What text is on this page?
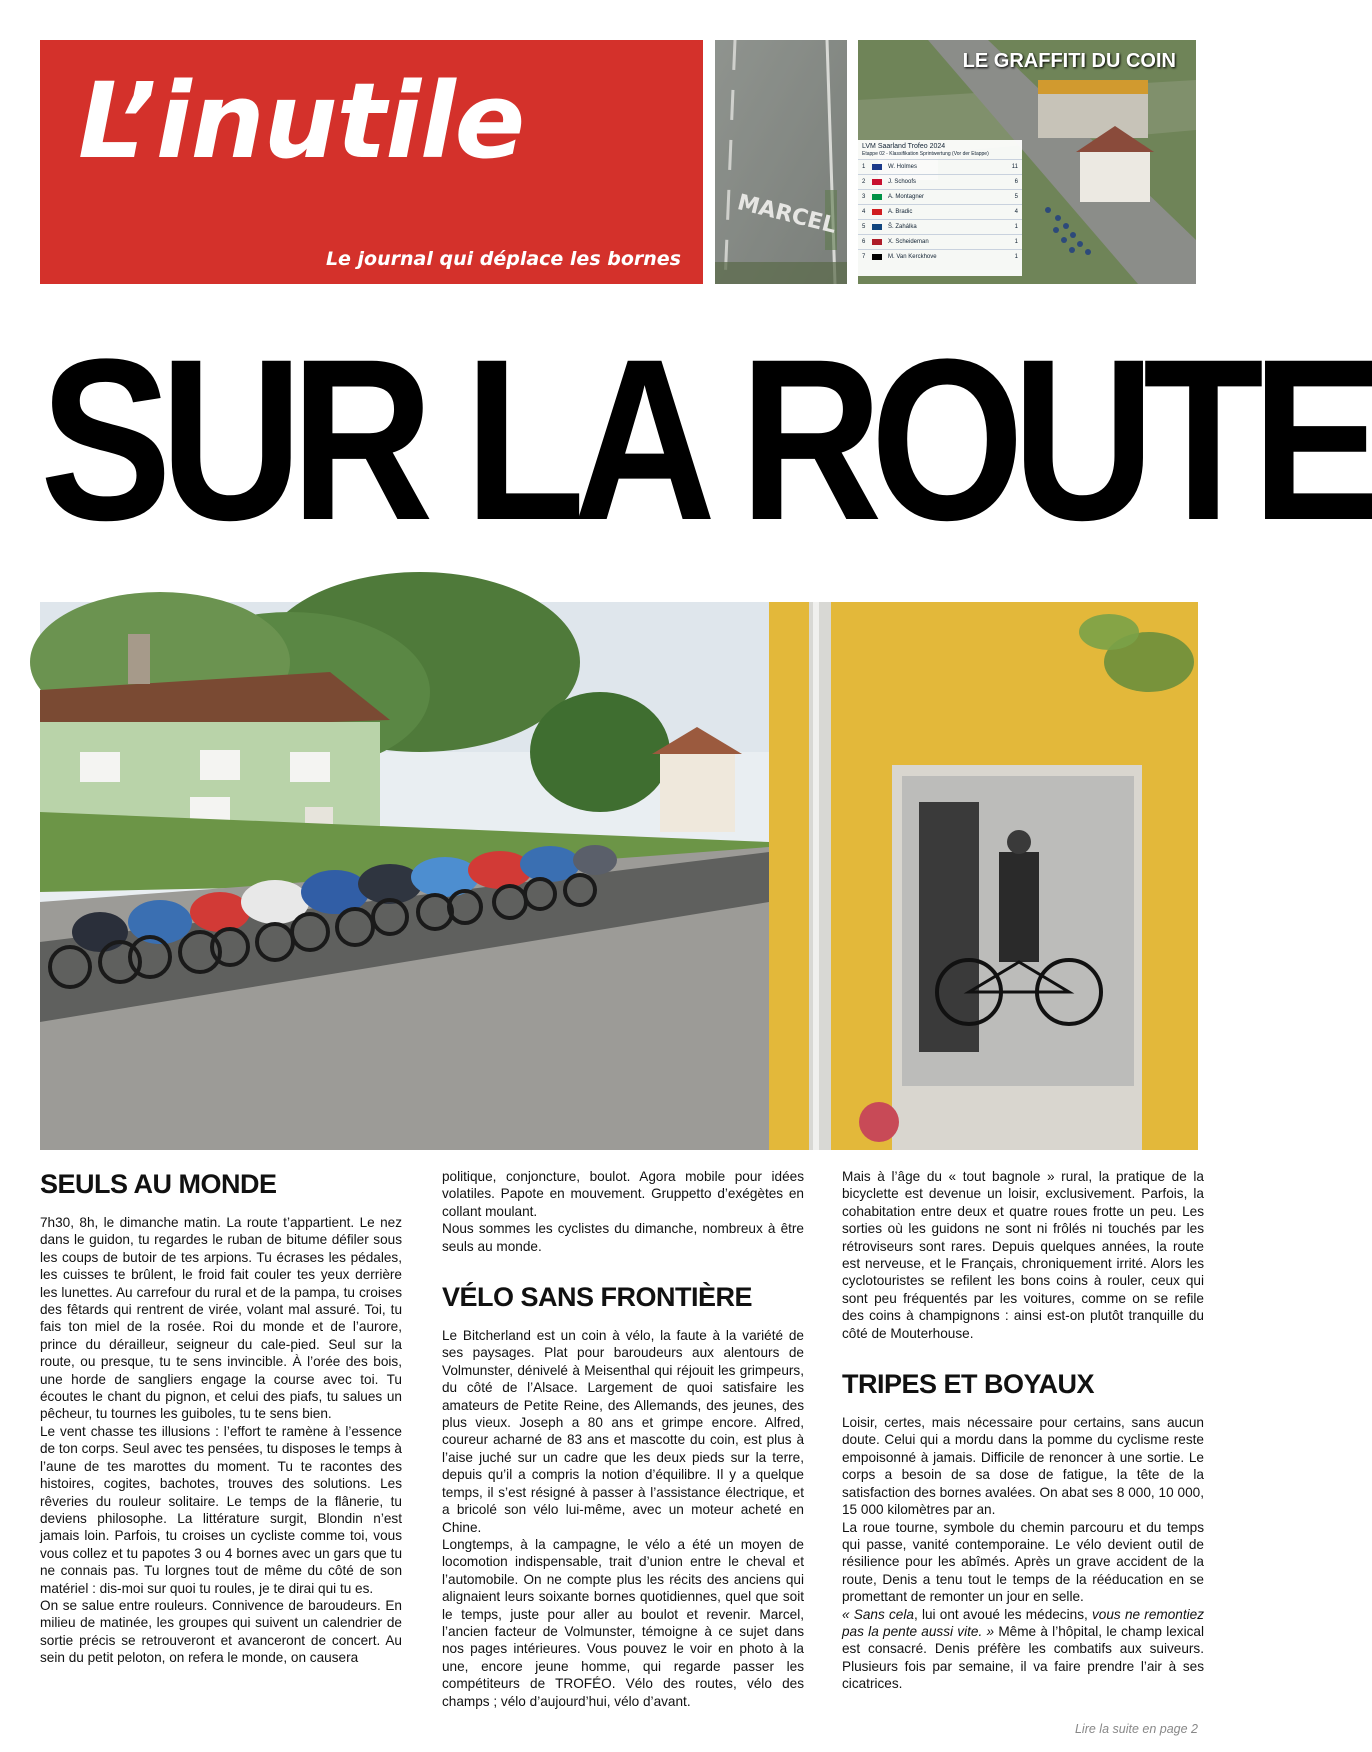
L’inutile
Le journal qui déplace les bornes
MARCEL
LE GRAFFITI DU COIN
LVM Saarland Trofeo 2024
Etappe 02 - Klassifikation Sprintwertung (Vor der Etappe)
1	W. Holmes	11
2	J. Schoofs	6
3	A. Montagner	5
4	A. Bradic	4
5	Š. Zahálka	1
6	X. Scheideman	1
7	M. Van Kerckhove	1
SUR LA ROUTE
SEULS AU MONDE

7h30, 8h, le dimanche matin. La route t’appartient. Le nez dans le guidon, tu regardes le ruban de bitume défiler sous les coups de butoir de tes arpions. Tu écrases les pédales, les cuisses te brûlent, le froid fait couler tes yeux derrière les lunettes. Au carrefour du rural et de la pampa, tu croises des fêtards qui rentrent de virée, volant mal assuré. Toi, tu fais ton miel de la rosée. Roi du monde et de l’aurore, prince du dérailleur, seigneur du cale-pied. Seul sur la route, ou presque, tu te sens invincible. À l’orée des bois, une horde de sangliers engage la course avec toi. Tu écoutes le chant du pignon, et celui des piafs, tu salues un pêcheur, tu tournes les guiboles, tu te sens bien.

Le vent chasse tes illusions : l’effort te ramène à l’essence de ton corps. Seul avec tes pensées, tu disposes le temps à l’aune de tes marottes du moment. Tu te racontes des histoires, cogites, bachotes, trouves des solutions. Les rêveries du rouleur solitaire. Le temps de la flânerie, tu deviens philosophe. La littérature surgit, Blondin n’est jamais loin. Parfois, tu croises un cycliste comme toi, vous vous collez et tu papotes 3 ou 4 bornes avec un gars que tu ne connais pas. Tu lorgnes tout de même du côté de son matériel : dis-moi sur quoi tu roules, je te dirai qui tu es.

On se salue entre rouleurs. Connivence de baroudeurs. En milieu de matinée, les groupes qui suivent un calendrier de sortie précis se retrouveront et avanceront de concert. Au sein du petit peloton, on refera le monde, on causera

politique, conjoncture, boulot. Agora mobile pour idées volatiles. Papote en mouvement. Gruppetto d’exégètes en collant moulant.

Nous sommes les cyclistes du dimanche, nombreux à être seuls au monde.

VÉLO SANS FRONTIÈRE

Le Bitcherland est un coin à vélo, la faute à la variété de ses paysages. Plat pour baroudeurs aux alentours de Volmunster, dénivelé à Meisenthal qui réjouit les grimpeurs, du côté de l’Alsace. Largement de quoi satisfaire les amateurs de Petite Reine, des Allemands, des jeunes, des plus vieux. Joseph a 80 ans et grimpe encore. Alfred, coureur acharné de 83 ans et mascotte du coin, est plus à l’aise juché sur un cadre que les deux pieds sur la terre, depuis qu’il a compris la notion d’équilibre. Il y a quelque temps, il s’est résigné à passer à l’assistance électrique, et a bricolé son vélo lui-même, avec un moteur acheté en Chine.

Longtemps, à la campagne, le vélo a été un moyen de locomotion indispensable, trait d’union entre le cheval et l’automobile. On ne compte plus les récits des anciens qui alignaient leurs soixante bornes quotidiennes, quel que soit le temps, juste pour aller au boulot et revenir. Marcel, l’ancien facteur de Volmunster, témoigne à ce sujet dans nos pages intérieures. Vous pouvez le voir en photo à la une, encore jeune homme, qui regarde passer les compétiteurs de TROFÉO. Vélo des routes, vélo des champs ; vélo d’aujourd’hui, vélo d’avant.

Mais à l’âge du « tout bagnole » rural, la pratique de la bicyclette est devenue un loisir, exclusivement. Parfois, la cohabitation entre deux et quatre roues frotte un peu. Les sorties où les guidons ne sont ni frôlés ni touchés par les rétroviseurs sont rares. Depuis quelques années, la route est nerveuse, et le Français, chroniquement irrité. Alors les cyclotouristes se refilent les bons coins à rouler, ceux qui sont peu fréquentés par les voitures, comme on se refile des coins à champignons : ainsi est-on plutôt tranquille du côté de Mouterhouse.

TRIPES ET BOYAUX

Loisir, certes, mais nécessaire pour certains, sans aucun doute. Celui qui a mordu dans la pomme du cyclisme reste empoisonné à jamais. Difficile de renoncer à une sortie. Le corps a besoin de sa dose de fatigue, la tête de la satisfaction des bornes avalées. On abat ses 8 000, 10 000, 15 000 kilomètres par an.

La roue tourne, symbole du chemin parcouru et du temps qui passe, vanité contemporaine. Le vélo devient outil de résilience pour les abîmés. Après un grave accident de la route, Denis a tenu tout le temps de la rééducation en se promettant de remonter un jour en selle.

« Sans cela, lui ont avoué les médecins, vous ne remontiez pas la pente aussi vite. » Même à l’hôpital, le champ lexical est consacré. Denis préfère les combatifs aux suiveurs. Plusieurs fois par semaine, il va faire prendre l’air à ses cicatrices.

Lire la suite en page 2
